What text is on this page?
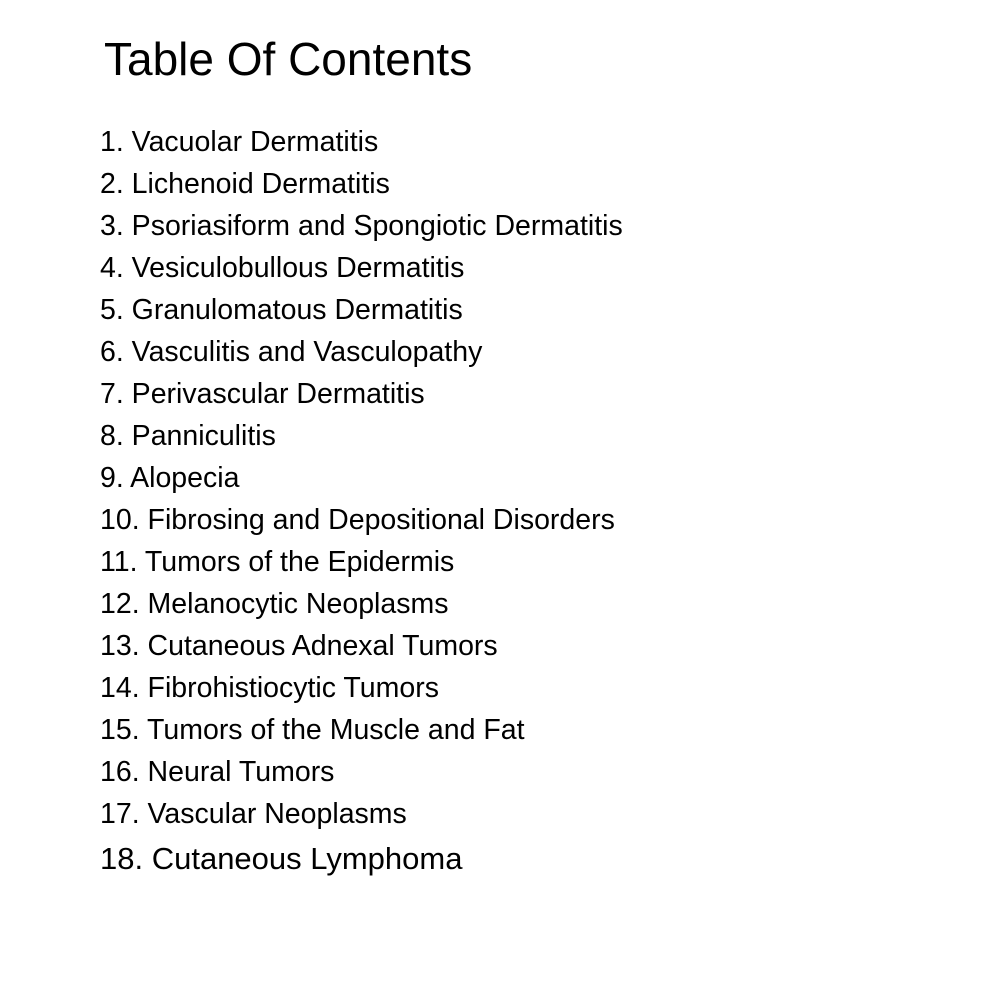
Table Of Contents
1. Vacuolar Dermatitis
2. Lichenoid Dermatitis
3. Psoriasiform and Spongiotic Dermatitis
4. Vesiculobullous Dermatitis
5. Granulomatous Dermatitis
6. Vasculitis and Vasculopathy
7. Perivascular Dermatitis
8. Panniculitis
9. Alopecia
10. Fibrosing and Depositional Disorders
11. Tumors of the Epidermis
12. Melanocytic Neoplasms
13. Cutaneous Adnexal Tumors
14. Fibrohistiocytic Tumors
15. Tumors of the Muscle and Fat
16. Neural Tumors
17. Vascular Neoplasms
18. Cutaneous Lymphoma
